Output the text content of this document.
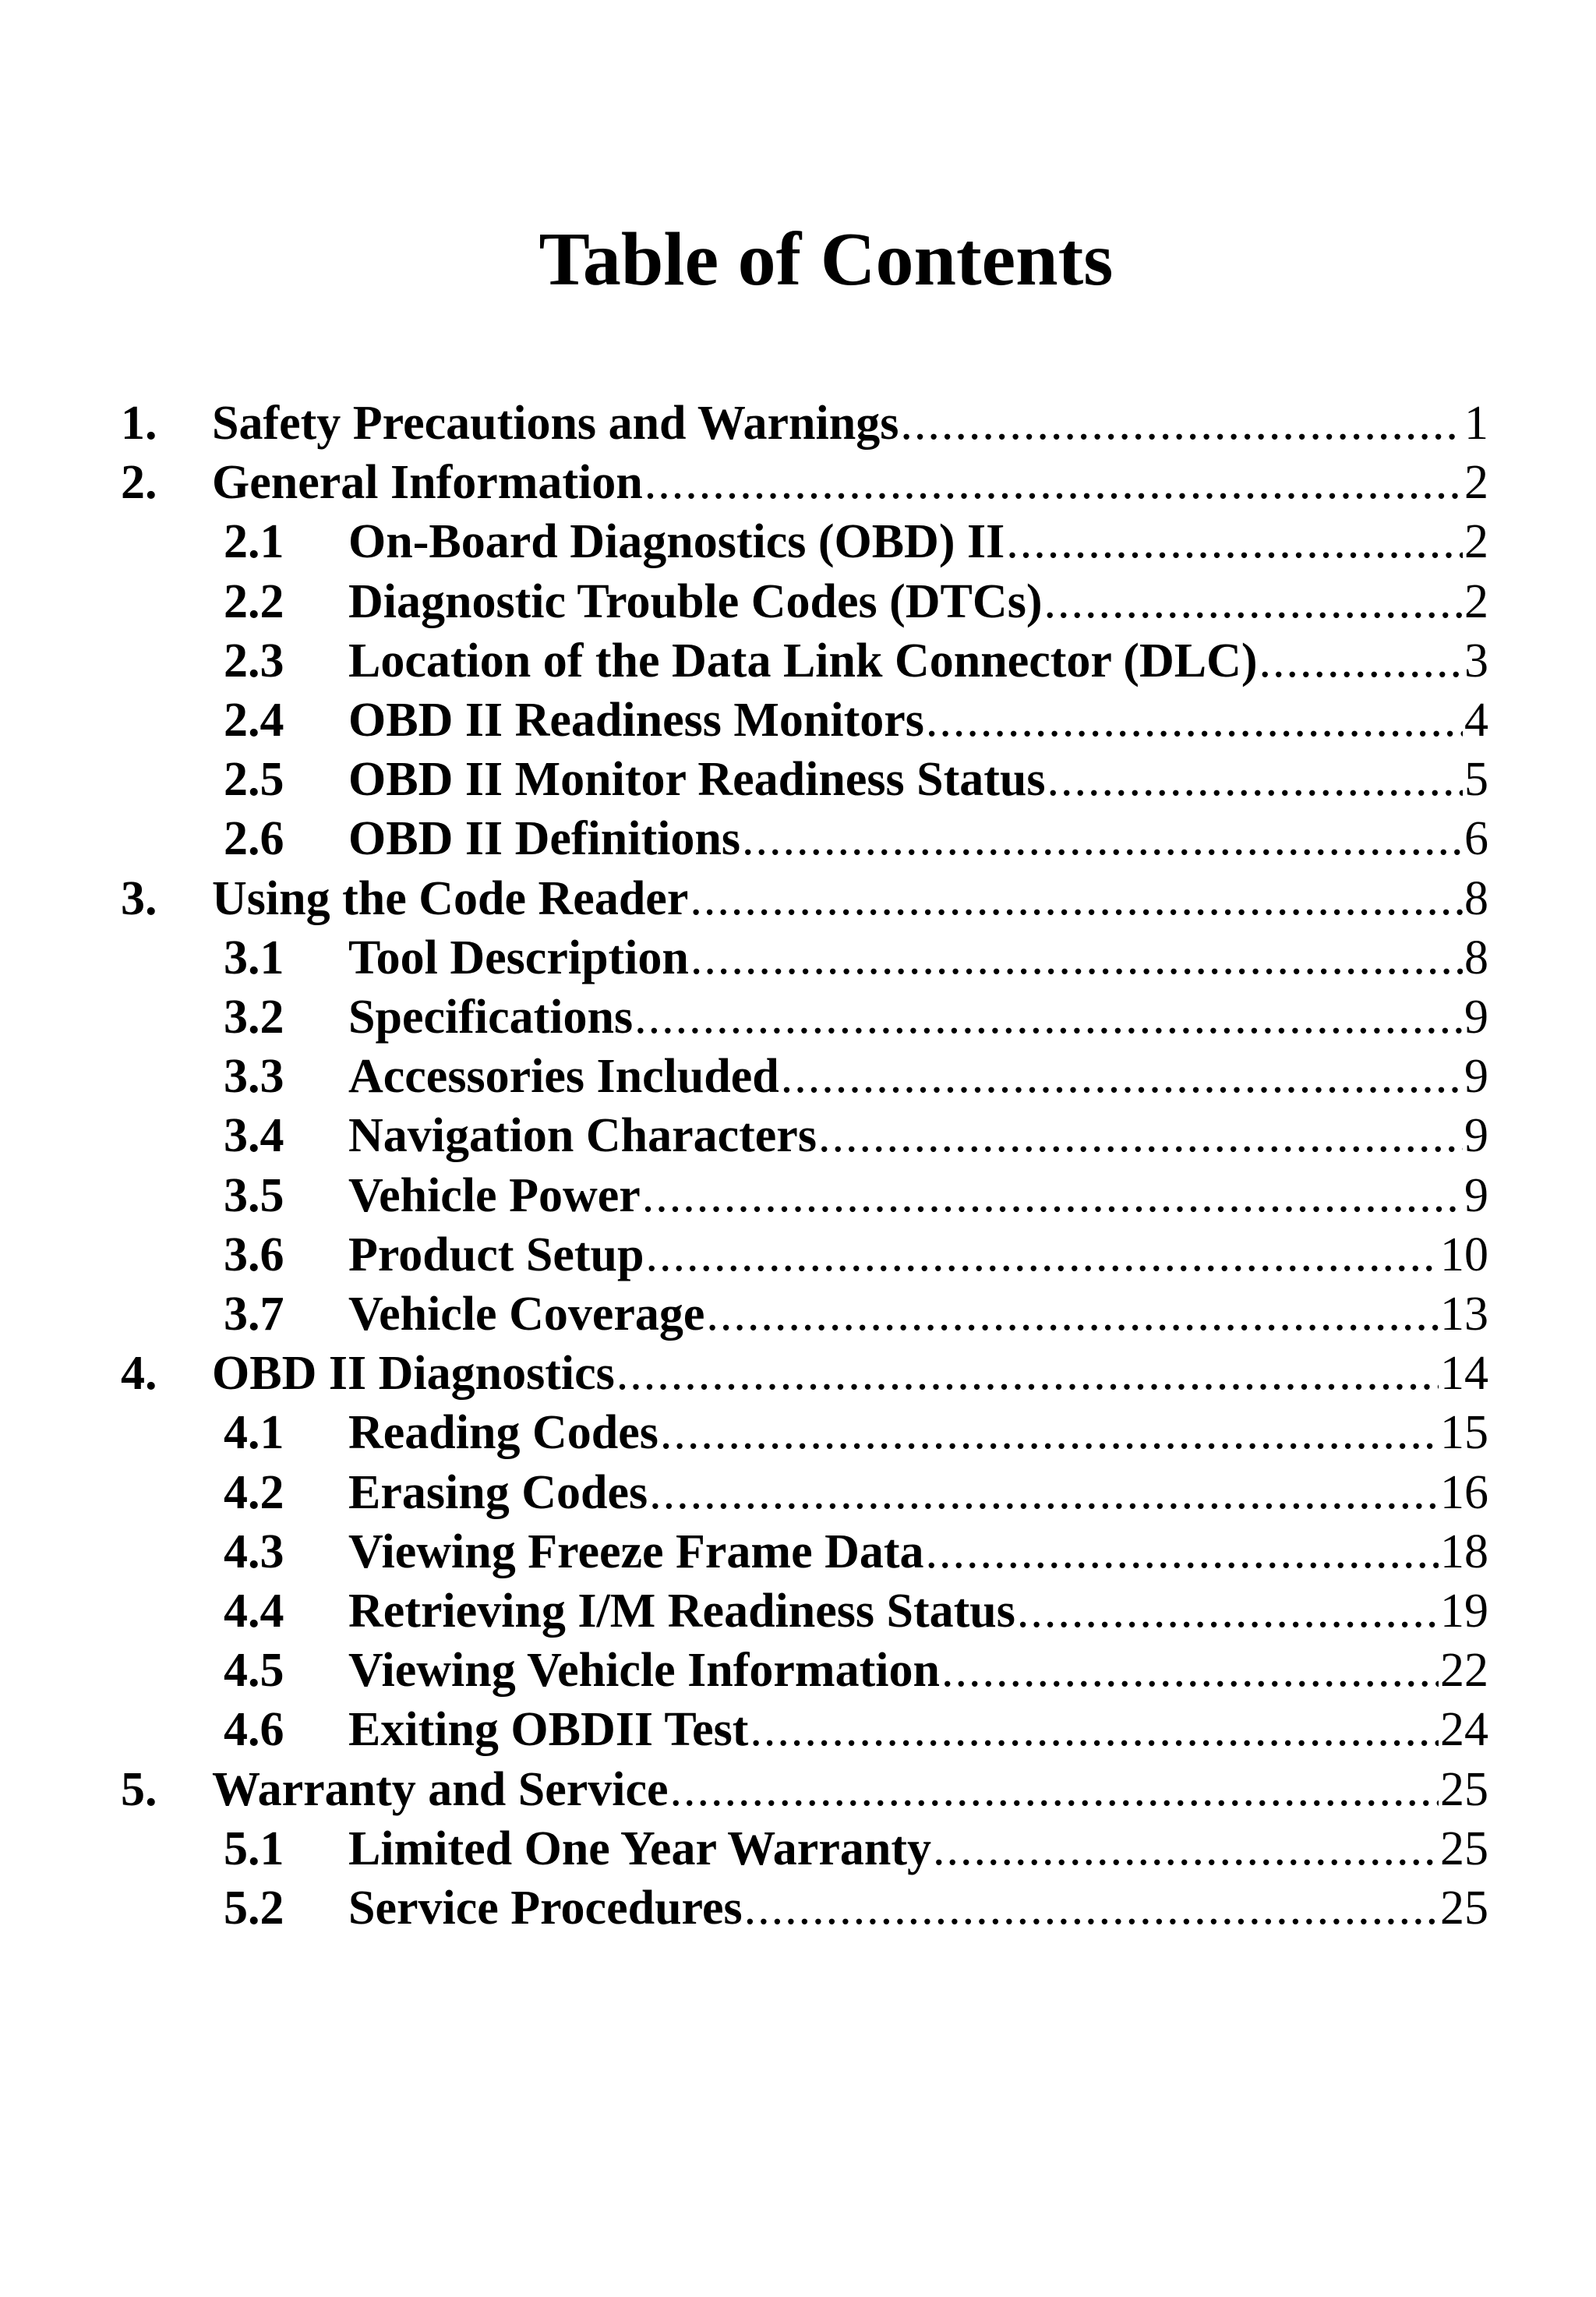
Table of Contents
1. Safety Precautions and Warnings .....	1
2. General Information .....	2
2.1 On-Board Diagnostics (OBD) II .....	2
2.2 Diagnostic Trouble Codes (DTCs) .....	2
2.3 Location of the Data Link Connector (DLC) .....	3
2.4 OBD II Readiness Monitors .....	4
2.5 OBD II Monitor Readiness Status .....	5
2.6 OBD II Definitions .....	6
3. Using the Code Reader .....	8
3.1 Tool Description .....	8
3.2 Specifications .....	9
3.3 Accessories Included .....	9
3.4 Navigation Characters .....	9
3.5 Vehicle Power .....	9
3.6 Product Setup .....	10
3.7 Vehicle Coverage .....	13
4. OBD II Diagnostics .....	14
4.1 Reading Codes .....	15
4.2 Erasing Codes .....	16
4.3 Viewing Freeze Frame Data .....	18
4.4 Retrieving I/M Readiness Status .....	19
4.5 Viewing Vehicle Information .....	22
4.6 Exiting OBDII Test .....	24
5. Warranty and Service .....	25
5.1 Limited One Year Warranty .....	25
5.2 Service Procedures .....	25
